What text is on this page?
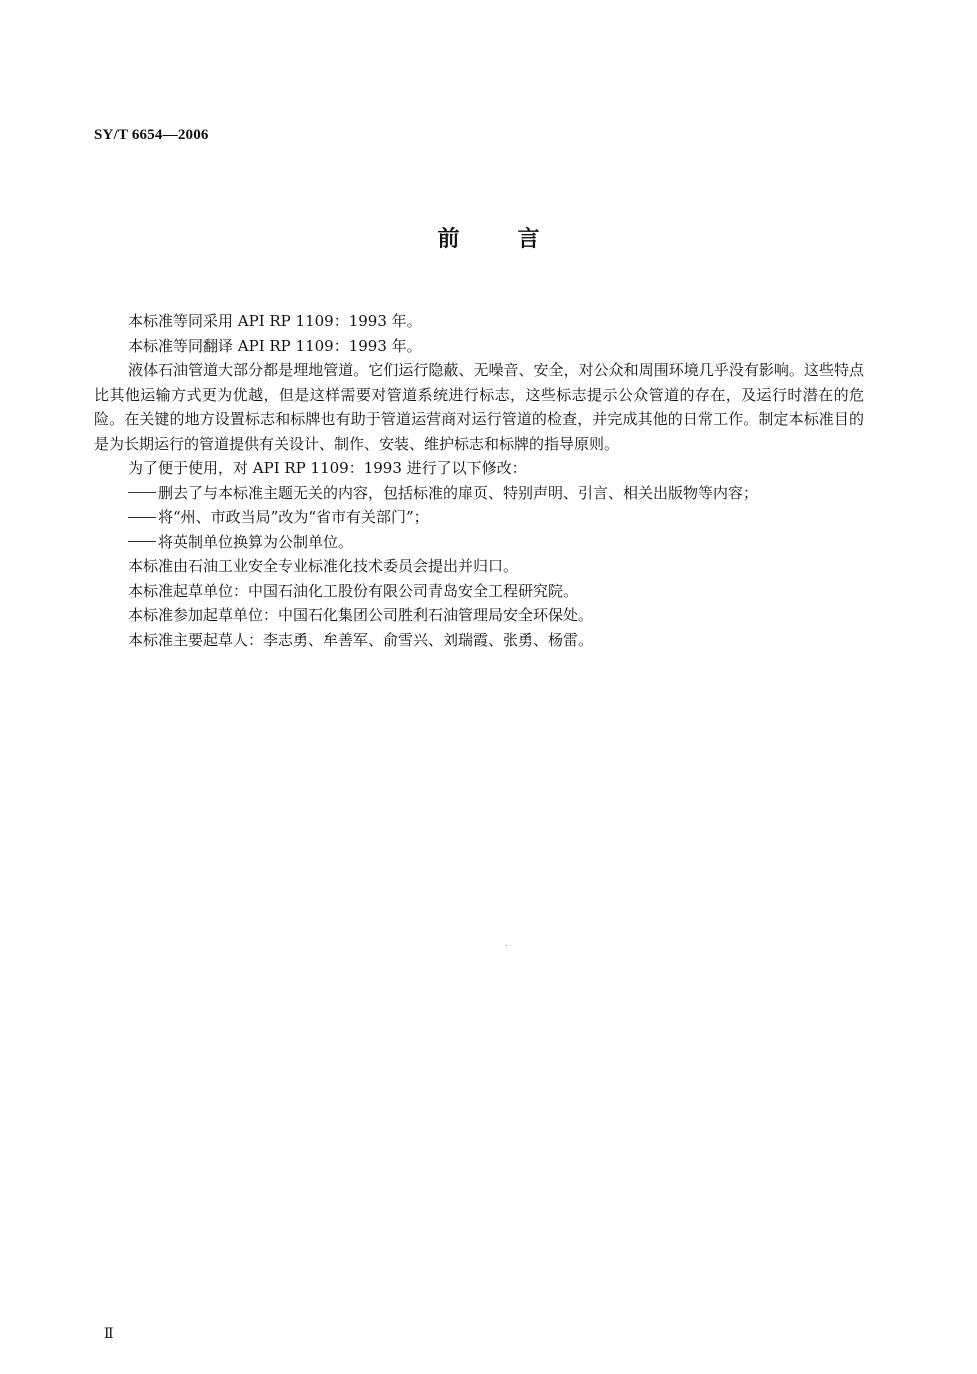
SY/T 6654—2006
前言

本标准等同采用 API RP 1109：1993 年。

本标准等同翻译 API RP 1109：1993 年。

液体石油管道大部分都是埋地管道。它们运行隐蔽、无噪音、安全，对公众和周围环境几乎没有影响。这些特点比其他运输方式更为优越，但是这样需要对管道系统进行标志，这些标志提示公众管道的存在，及运行时潜在的危险。在关键的地方设置标志和标牌也有助于管道运营商对运行管道的检查，并完成其他的日常工作。制定本标准目的是为长期运行的管道提供有关设计、制作、安装、维护标志和标牌的指导原则。

为了便于使用，对 API RP 1109：1993 进行了以下修改：

删去了与本标准主题无关的内容，包括标准的扉页、特别声明、引言、相关出版物等内容；

将“州、市政当局”改为“省市有关部门”；

将英制单位换算为公制单位。

本标准由石油工业安全专业标准化技术委员会提出并归口。

本标准起草单位：中国石油化工股份有限公司青岛安全工程研究院。

本标准参加起草单位：中国石化集团公司胜利石油管理局安全环保处。

本标准主要起草人：李志勇、牟善军、俞雪兴、刘瑞霞、张勇、杨雷。

Ⅱ
